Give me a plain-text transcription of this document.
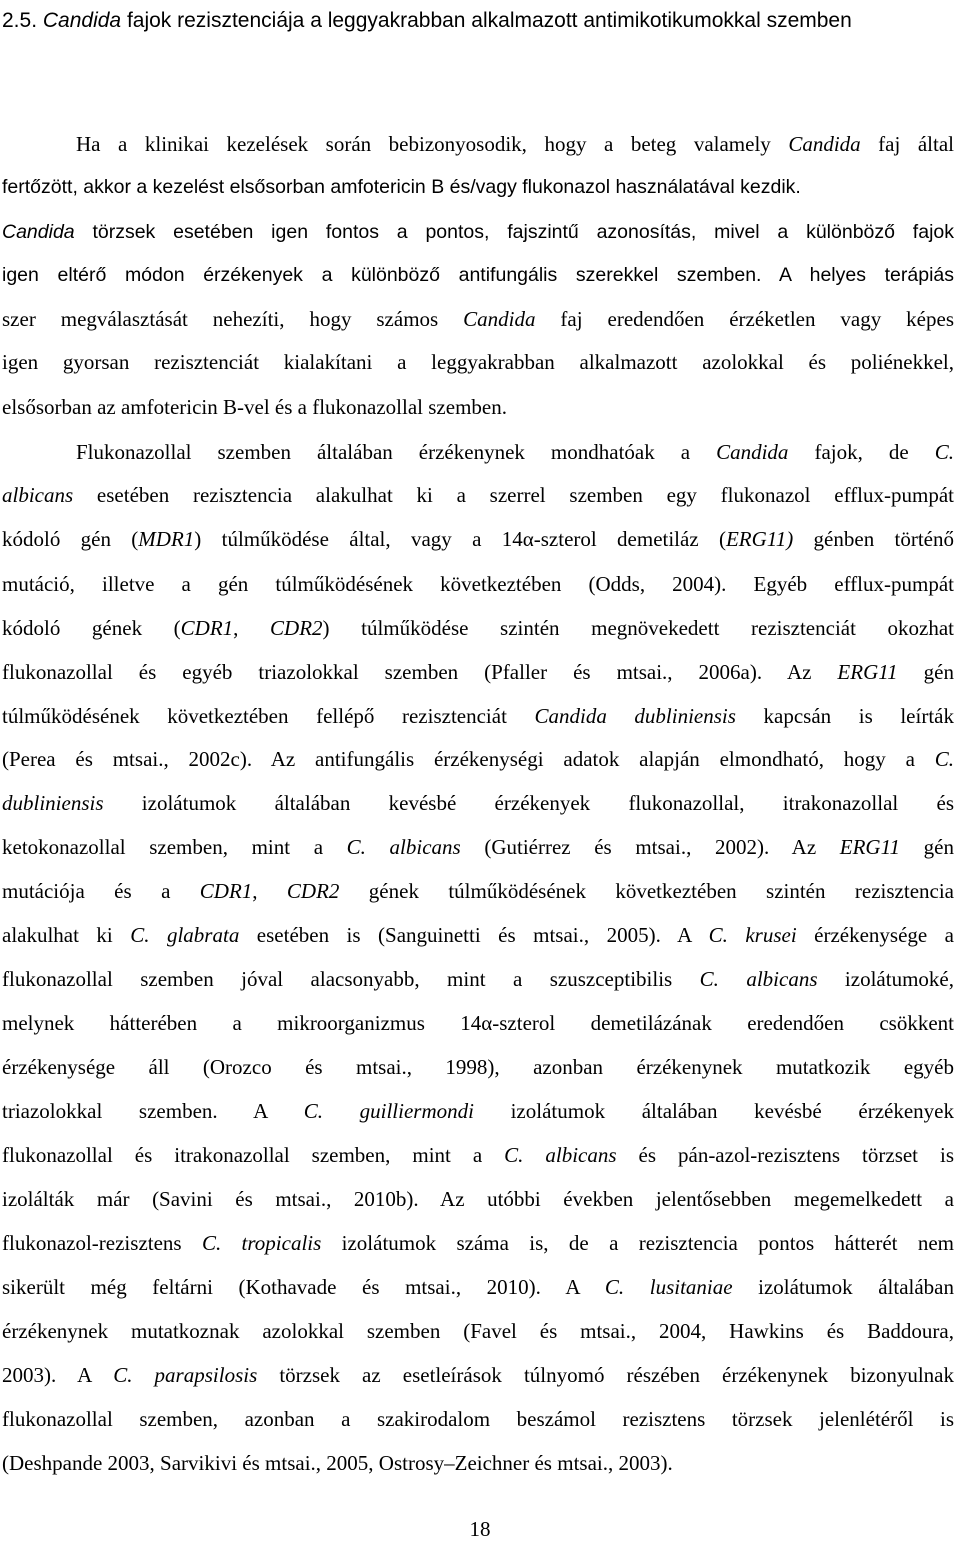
2.5. Candida fajok rezisztenciája a leggyakrabban alkalmazott antimikotikumokkal szemben
Ha a klinikai kezelések során bebizonyosodik, hogy a beteg valamely Candida faj által
fertőzött, akkor a kezelést elsősorban amfotericin B és/vagy flukonazol használatával kezdik.
Candida törzsek esetében igen fontos a pontos, fajszintű azonosítás, mivel a különböző fajok
igen eltérő módon érzékenyek a különböző antifungális szerekkel szemben. A helyes terápiás
szer megválasztását nehezíti, hogy számos Candida faj eredendően érzéketlen vagy képes
igen gyorsan rezisztenciát kialakítani a leggyakrabban alkalmazott azolokkal és poliénekkel,
elsősorban az amfotericin B-vel és a flukonazollal szemben.
Flukonazollal szemben általában érzékenynek mondhatóak a Candida fajok, de C.
albicans esetében rezisztencia alakulhat ki a szerrel szemben egy flukonazol efflux-pumpát
kódoló gén (MDR1) túlműködése által, vagy a 14α-szterol demetiláz (ERG11) génben történő
mutáció, illetve a gén túlműködésének következtében (Odds, 2004). Egyéb efflux-pumpát
kódoló gének (CDR1, CDR2) túlműködése szintén megnövekedett rezisztenciát okozhat
flukonazollal és egyéb triazolokkal szemben (Pfaller és mtsai., 2006a). Az ERG11 gén
túlműködésének következtében fellépő rezisztenciát Candida dubliniensis kapcsán is leírták
(Perea és mtsai., 2002c). Az antifungális érzékenységi adatok alapján elmondható, hogy a C.
dubliniensis izolátumok általában kevésbé érzékenyek flukonazollal, itrakonazollal és
ketokonazollal szemben, mint a C. albicans (Gutiérrez és mtsai., 2002). Az ERG11 gén
mutációja és a CDR1, CDR2 gének túlműködésének következtében szintén rezisztencia
alakulhat ki C. glabrata esetében is (Sanguinetti és mtsai., 2005). A C. krusei érzékenysége a
flukonazollal szemben jóval alacsonyabb, mint a szuszceptibilis C. albicans izolátumoké,
melynek hátterében a mikroorganizmus 14α-szterol demetilázának eredendően csökkent
érzékenysége áll (Orozco és mtsai., 1998), azonban érzékenynek mutatkozik egyéb
triazolokkal szemben. A C. guilliermondi izolátumok általában kevésbé érzékenyek
flukonazollal és itrakonazollal szemben, mint a C. albicans és pán-azol-rezisztens törzset is
izolálták már (Savini és mtsai., 2010b). Az utóbbi években jelentősebben megemelkedett a
flukonazol-rezisztens C. tropicalis izolátumok száma is, de a rezisztencia pontos hátterét nem
sikerült még feltárni (Kothavade és mtsai., 2010). A C. lusitaniae izolátumok általában
érzékenynek mutatkoznak azolokkal szemben (Favel és mtsai., 2004, Hawkins és Baddoura,
2003). A C. parapsilosis törzsek az esetleírások túlnyomó részében érzékenynek bizonyulnak
flukonazollal szemben, azonban a szakirodalom beszámol rezisztens törzsek jelenlétéről is
(Deshpande 2003, Sarvikivi és mtsai., 2005, Ostrosy–Zeichner és mtsai., 2003).
18
